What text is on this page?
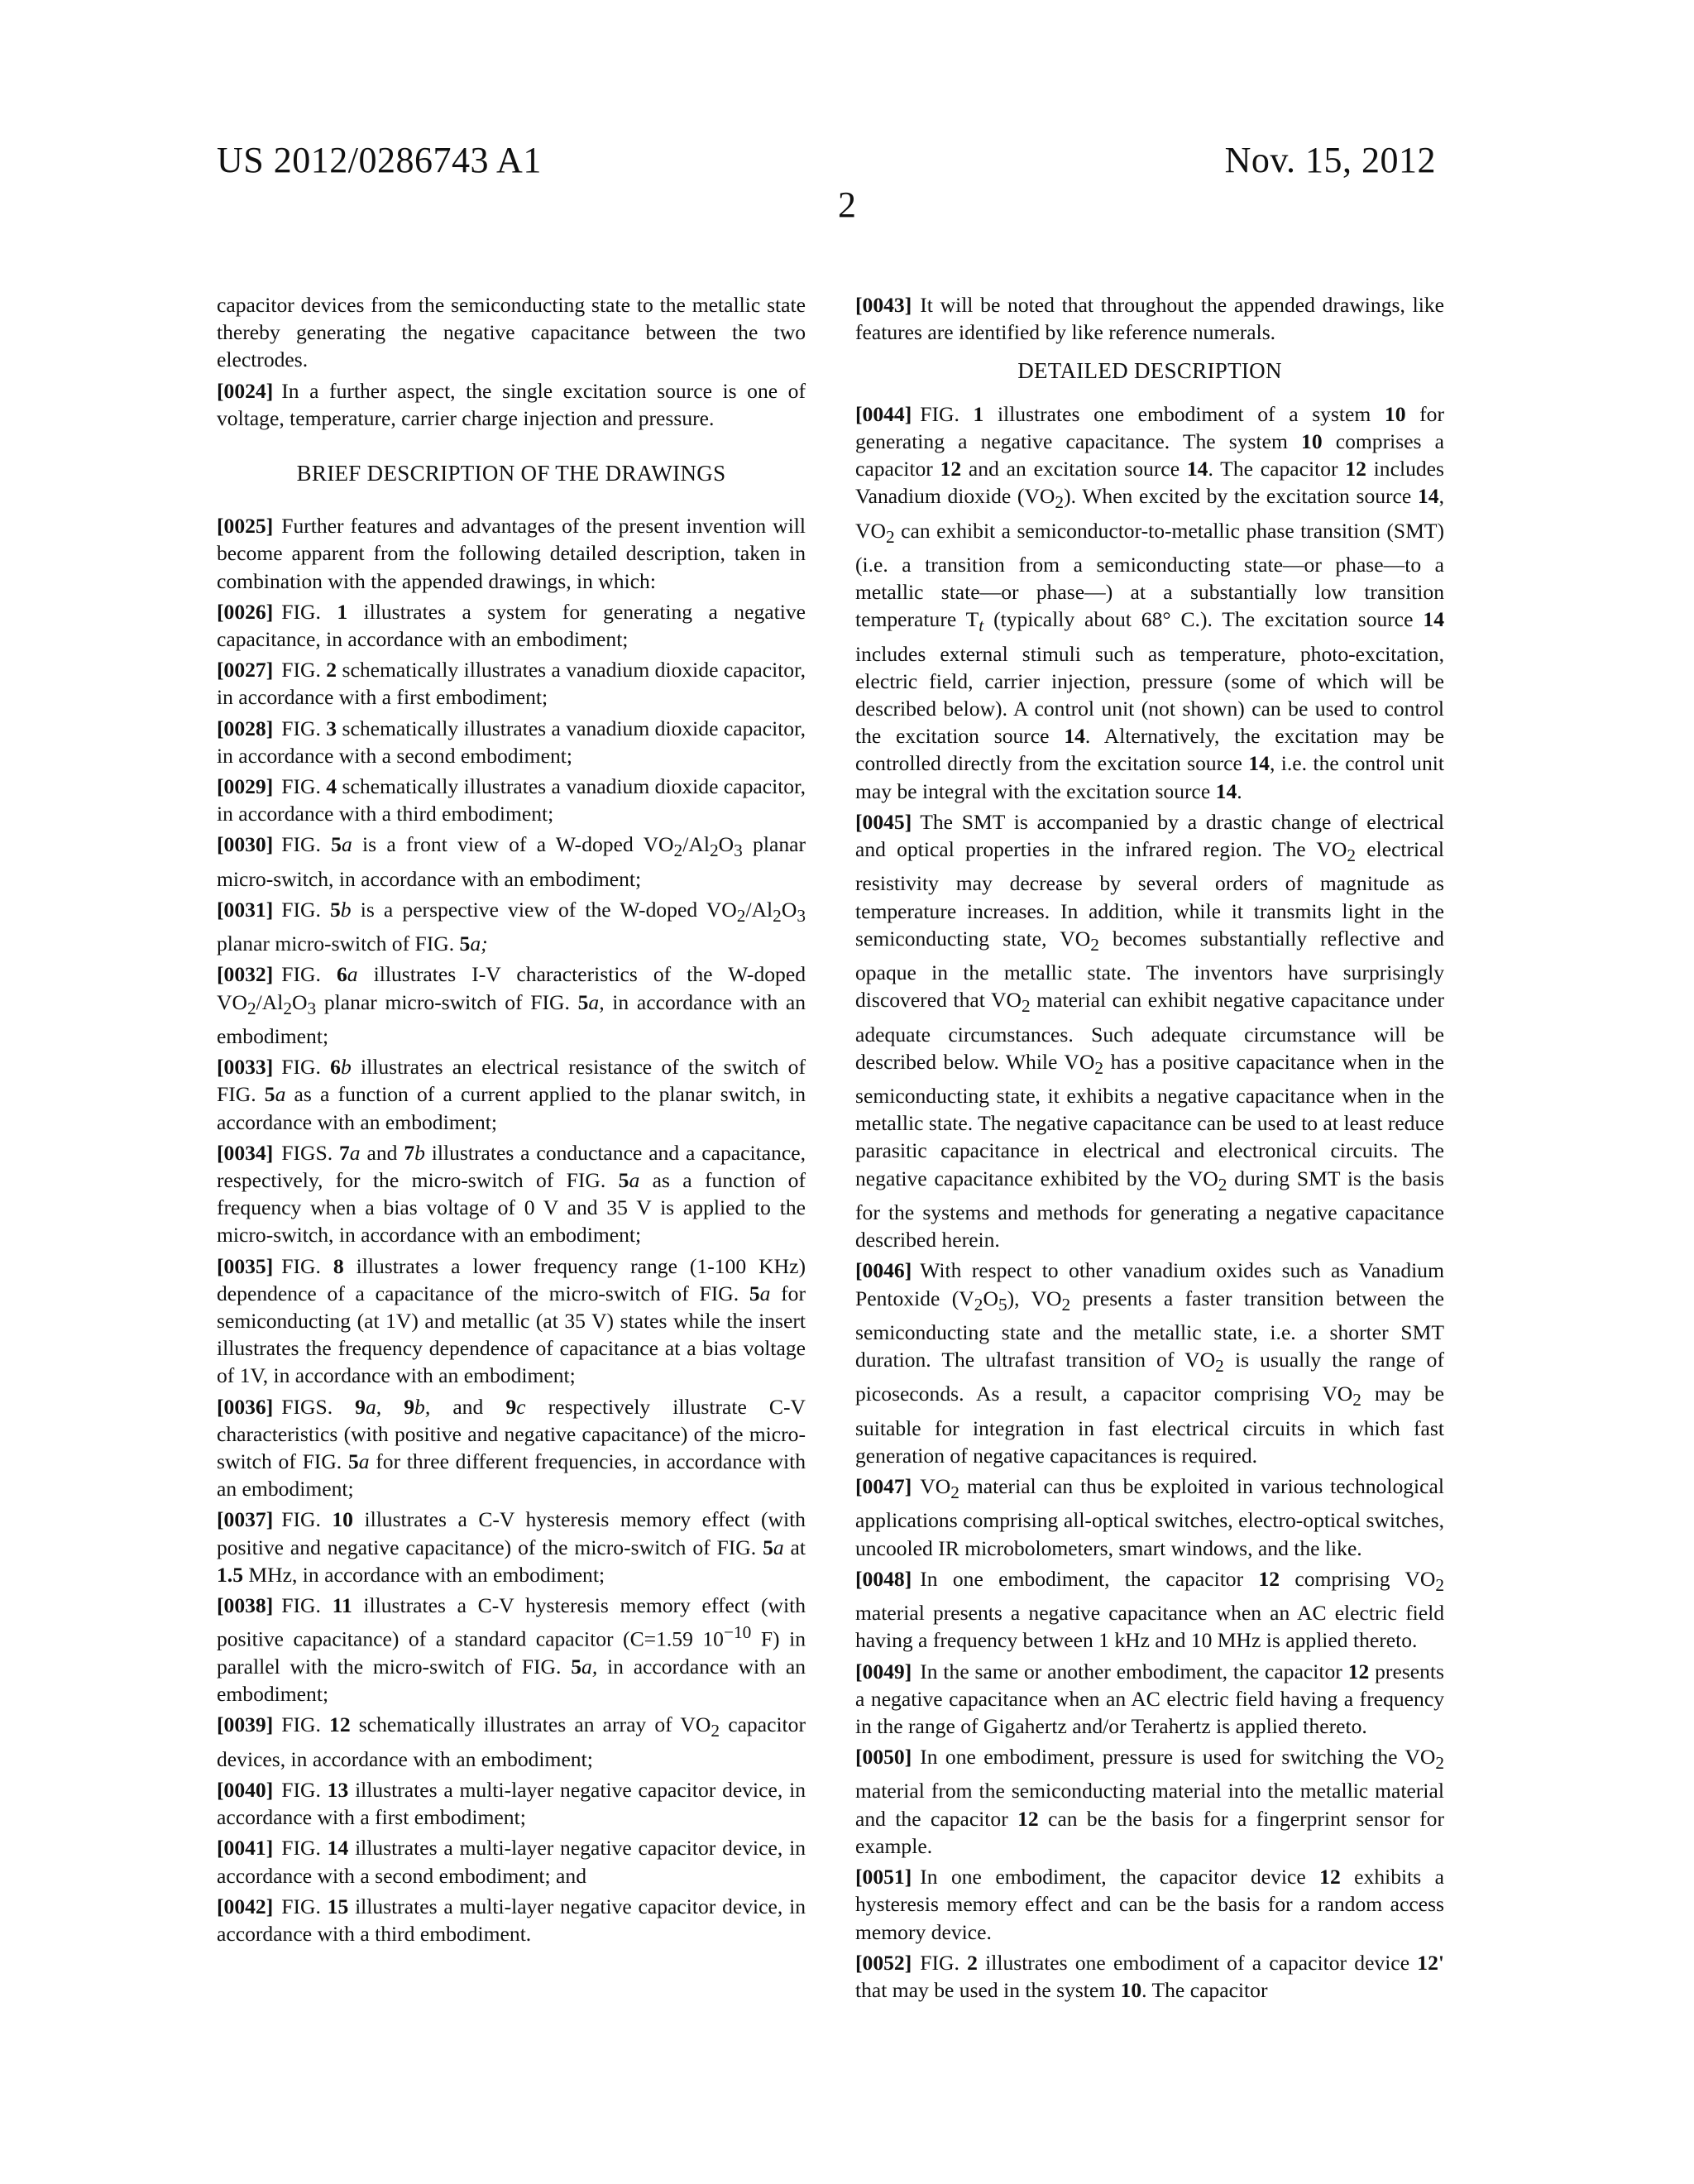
US 2012/0286743 A1	Nov. 15, 2012
2

capacitor devices from the semiconducting state to the metallic state thereby generating the negative capacitance between the two electrodes.

[0024] In a further aspect, the single excitation source is one of voltage, temperature, carrier charge injection and pressure.

BRIEF DESCRIPTION OF THE DRAWINGS

[0025] Further features and advantages of the present invention will become apparent from the following detailed description, taken in combination with the appended drawings, in which:

[0026] FIG. 1 illustrates a system for generating a negative capacitance, in accordance with an embodiment;

[0027] FIG. 2 schematically illustrates a vanadium dioxide capacitor, in accordance with a first embodiment;

[0028] FIG. 3 schematically illustrates a vanadium dioxide capacitor, in accordance with a second embodiment;

[0029] FIG. 4 schematically illustrates a vanadium dioxide capacitor, in accordance with a third embodiment;

[0030] FIG. 5a is a front view of a W-doped $VO_2/Al_2O_3$ planar micro-switch, in accordance with an embodiment;

[0031] FIG. 5b is a perspective view of the W-doped $VO_2/Al_2O_3$ planar micro-switch of FIG. 5a;

[0032] FIG. 6a illustrates I-V characteristics of the W-doped $VO_2/Al_2O_3$ planar micro-switch of FIG. 5a, in accordance with an embodiment;

[0033] FIG. 6b illustrates an electrical resistance of the switch of FIG. 5a as a function of a current applied to the planar switch, in accordance with an embodiment;

[0034] FIGS. 7a and 7b illustrates a conductance and a capacitance, respectively, for the micro-switch of FIG. 5a as a function of frequency when a bias voltage of 0 V and 35 V is applied to the micro-switch, in accordance with an embodiment;

[0035] FIG. 8 illustrates a lower frequency range (1-100 KHz) dependence of a capacitance of the micro-switch of FIG. 5a for semiconducting (at 1V) and metallic (at 35 V) states while the insert illustrates the frequency dependence of capacitance at a bias voltage of 1V, in accordance with an embodiment;

[0036] FIGS. 9a, 9b, and 9c respectively illustrate C-V characteristics (with positive and negative capacitance) of the micro-switch of FIG. 5a for three different frequencies, in accordance with an embodiment;

[0037] FIG. 10 illustrates a C-V hysteresis memory effect (with positive and negative capacitance) of the micro-switch of FIG. 5a at 1.5 MHz, in accordance with an embodiment;

[0038] FIG. 11 illustrates a C-V hysteresis memory effect (with positive capacitance) of a standard capacitor (C=1.59 $10^{-10}$ F) in parallel with the micro-switch of FIG. 5a, in accordance with an embodiment;

[0039] FIG. 12 schematically illustrates an array of $VO_2$ capacitor devices, in accordance with an embodiment;

[0040] FIG. 13 illustrates a multi-layer negative capacitor device, in accordance with a first embodiment;

[0041] FIG. 14 illustrates a multi-layer negative capacitor device, in accordance with a second embodiment; and

[0042] FIG. 15 illustrates a multi-layer negative capacitor device, in accordance with a third embodiment.

[0043] It will be noted that throughout the appended drawings, like features are identified by like reference numerals.

DETAILED DESCRIPTION

[0044] FIG. 1 illustrates one embodiment of a system 10 for generating a negative capacitance. The system 10 comprises a capacitor 12 and an excitation source 14. The capacitor 12 includes Vanadium dioxide $(VO_2)$. When excited by the excitation source 14, $VO_2$ can exhibit a semiconductor-to-metallic phase transition (SMT) (i.e. a transition from a semiconducting state—or phase—to a metallic state—or phase—) at a substantially low transition temperature $T_t$ (typically about 68° C.). The excitation source 14 includes external stimuli such as temperature, photo-excitation, electric field, carrier injection, pressure (some of which will be described below). A control unit (not shown) can be used to control the excitation source 14. Alternatively, the excitation may be controlled directly from the excitation source 14, i.e. the control unit may be integral with the excitation source 14.

[0045] The SMT is accompanied by a drastic change of electrical and optical properties in the infrared region. The $VO_2$ electrical resistivity may decrease by several orders of magnitude as temperature increases. In addition, while it transmits light in the semiconducting state, $VO_2$ becomes substantially reflective and opaque in the metallic state. The inventors have surprisingly discovered that $VO_2$ material can exhibit negative capacitance under adequate circumstances. Such adequate circumstance will be described below. While $VO_2$ has a positive capacitance when in the semiconducting state, it exhibits a negative capacitance when in the metallic state. The negative capacitance can be used to at least reduce parasitic capacitance in electrical and electronical circuits. The negative capacitance exhibited by the $VO_2$ during SMT is the basis for the systems and methods for generating a negative capacitance described herein.

[0046] With respect to other vanadium oxides such as Vanadium Pentoxide $(V_2O_5)$, $VO_2$ presents a faster transition between the semiconducting state and the metallic state, i.e. a shorter SMT duration. The ultrafast transition of $VO_2$ is usually the range of picoseconds. As a result, a capacitor comprising $VO_2$ may be suitable for integration in fast electrical circuits in which fast generation of negative capacitances is required.

[0047] $VO_2$ material can thus be exploited in various technological applications comprising all-optical switches, electro-optical switches, uncooled IR microbolometers, smart windows, and the like.

[0048] In one embodiment, the capacitor 12 comprising $VO_2$ material presents a negative capacitance when an AC electric field having a frequency between 1 kHz and 10 MHz is applied thereto.

[0049] In the same or another embodiment, the capacitor 12 presents a negative capacitance when an AC electric field having a frequency in the range of Gigahertz and/or Terahertz is applied thereto.

[0050] In one embodiment, pressure is used for switching the $VO_2$ material from the semiconducting material into the metallic material and the capacitor 12 can be the basis for a fingerprint sensor for example.

[0051] In one embodiment, the capacitor device 12 exhibits a hysteresis memory effect and can be the basis for a random access memory device.

[0052] FIG. 2 illustrates one embodiment of a capacitor device 12' that may be used in the system 10. The capacitor
